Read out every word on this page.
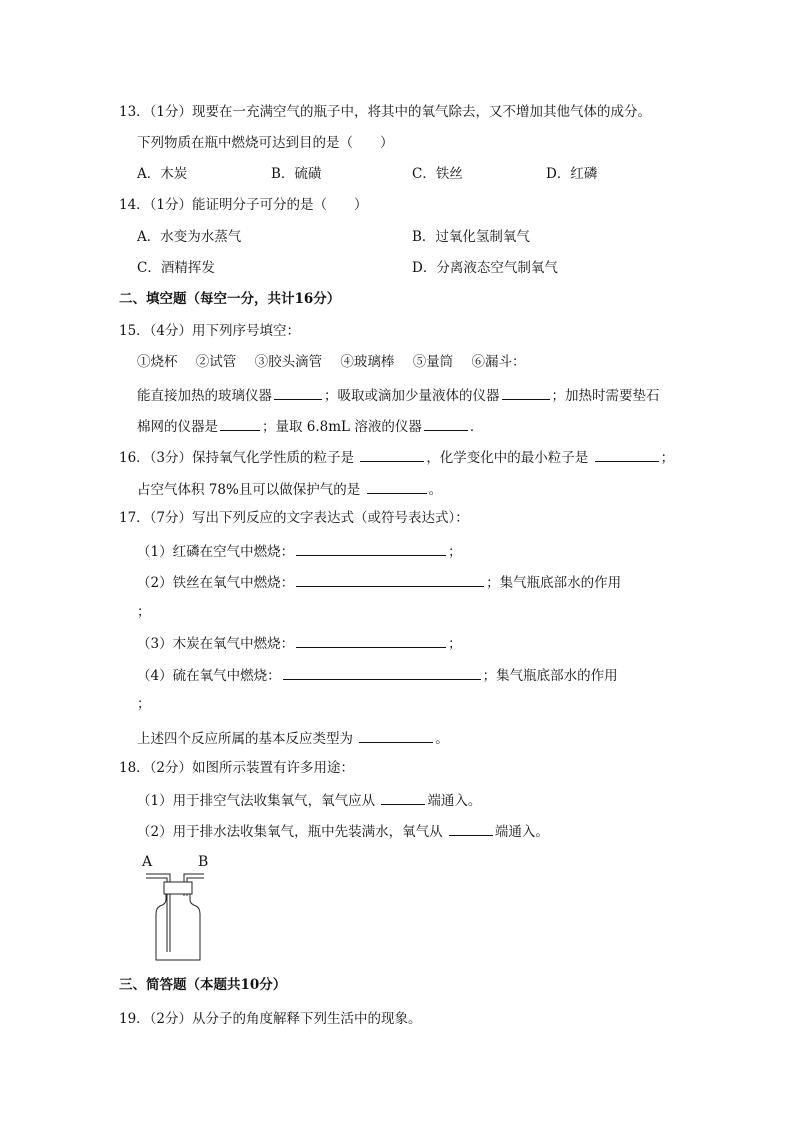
13．（1分）现要在一充满空气的瓶子中，将其中的氧气除去，又不增加其他气体的成分。
下列物质在瓶中燃烧可达到目的是（　　）
A．木炭	B．硫磺	C．铁丝	D．红磷
14．（1分）能证明分子可分的是（　　）
A．水变为水蒸气	B．过氧化氢制氧气
C．酒精挥发	D．分离液态空气制氧气
二、填空题（每空一分，共计16分）
15．（4分）用下列序号填空：
①烧杯 ②试管 ③胶头滴管 ④玻璃棒 ⑤量筒 ⑥漏斗：
能直接加热的玻璃仪器	；吸取或滴加少量液体的仪器	；加热时需要垫石
棉网的仪器是	；量取 6.8mL 溶液的仪器	．
16．（3分）保持氧气化学性质的粒子是	，化学变化中的最小粒子是	；
占空气体积 78%且可以做保护气的是	。
17．（7分）写出下列反应的文字表达式（或符号表达式）：
（1）红磷在空气中燃烧：	；
（2）铁丝在氧气中燃烧：	；集气瓶底部水的作用
；
（3）木炭在氧气中燃烧：	；
（4）硫在氧气中燃烧：	；集气瓶底部水的作用
；
上述四个反应所属的基本反应类型为	。
18．（2分）如图所示装置有许多用途：
（1）用于排空气法收集氧气，氧气应从	端通入。
（2）用于排水法收集氧气，瓶中先装满水，氧气从	端通入。
A	B
三、简答题（本题共10分）
19．（2分）从分子的角度解释下列生活中的现象。
